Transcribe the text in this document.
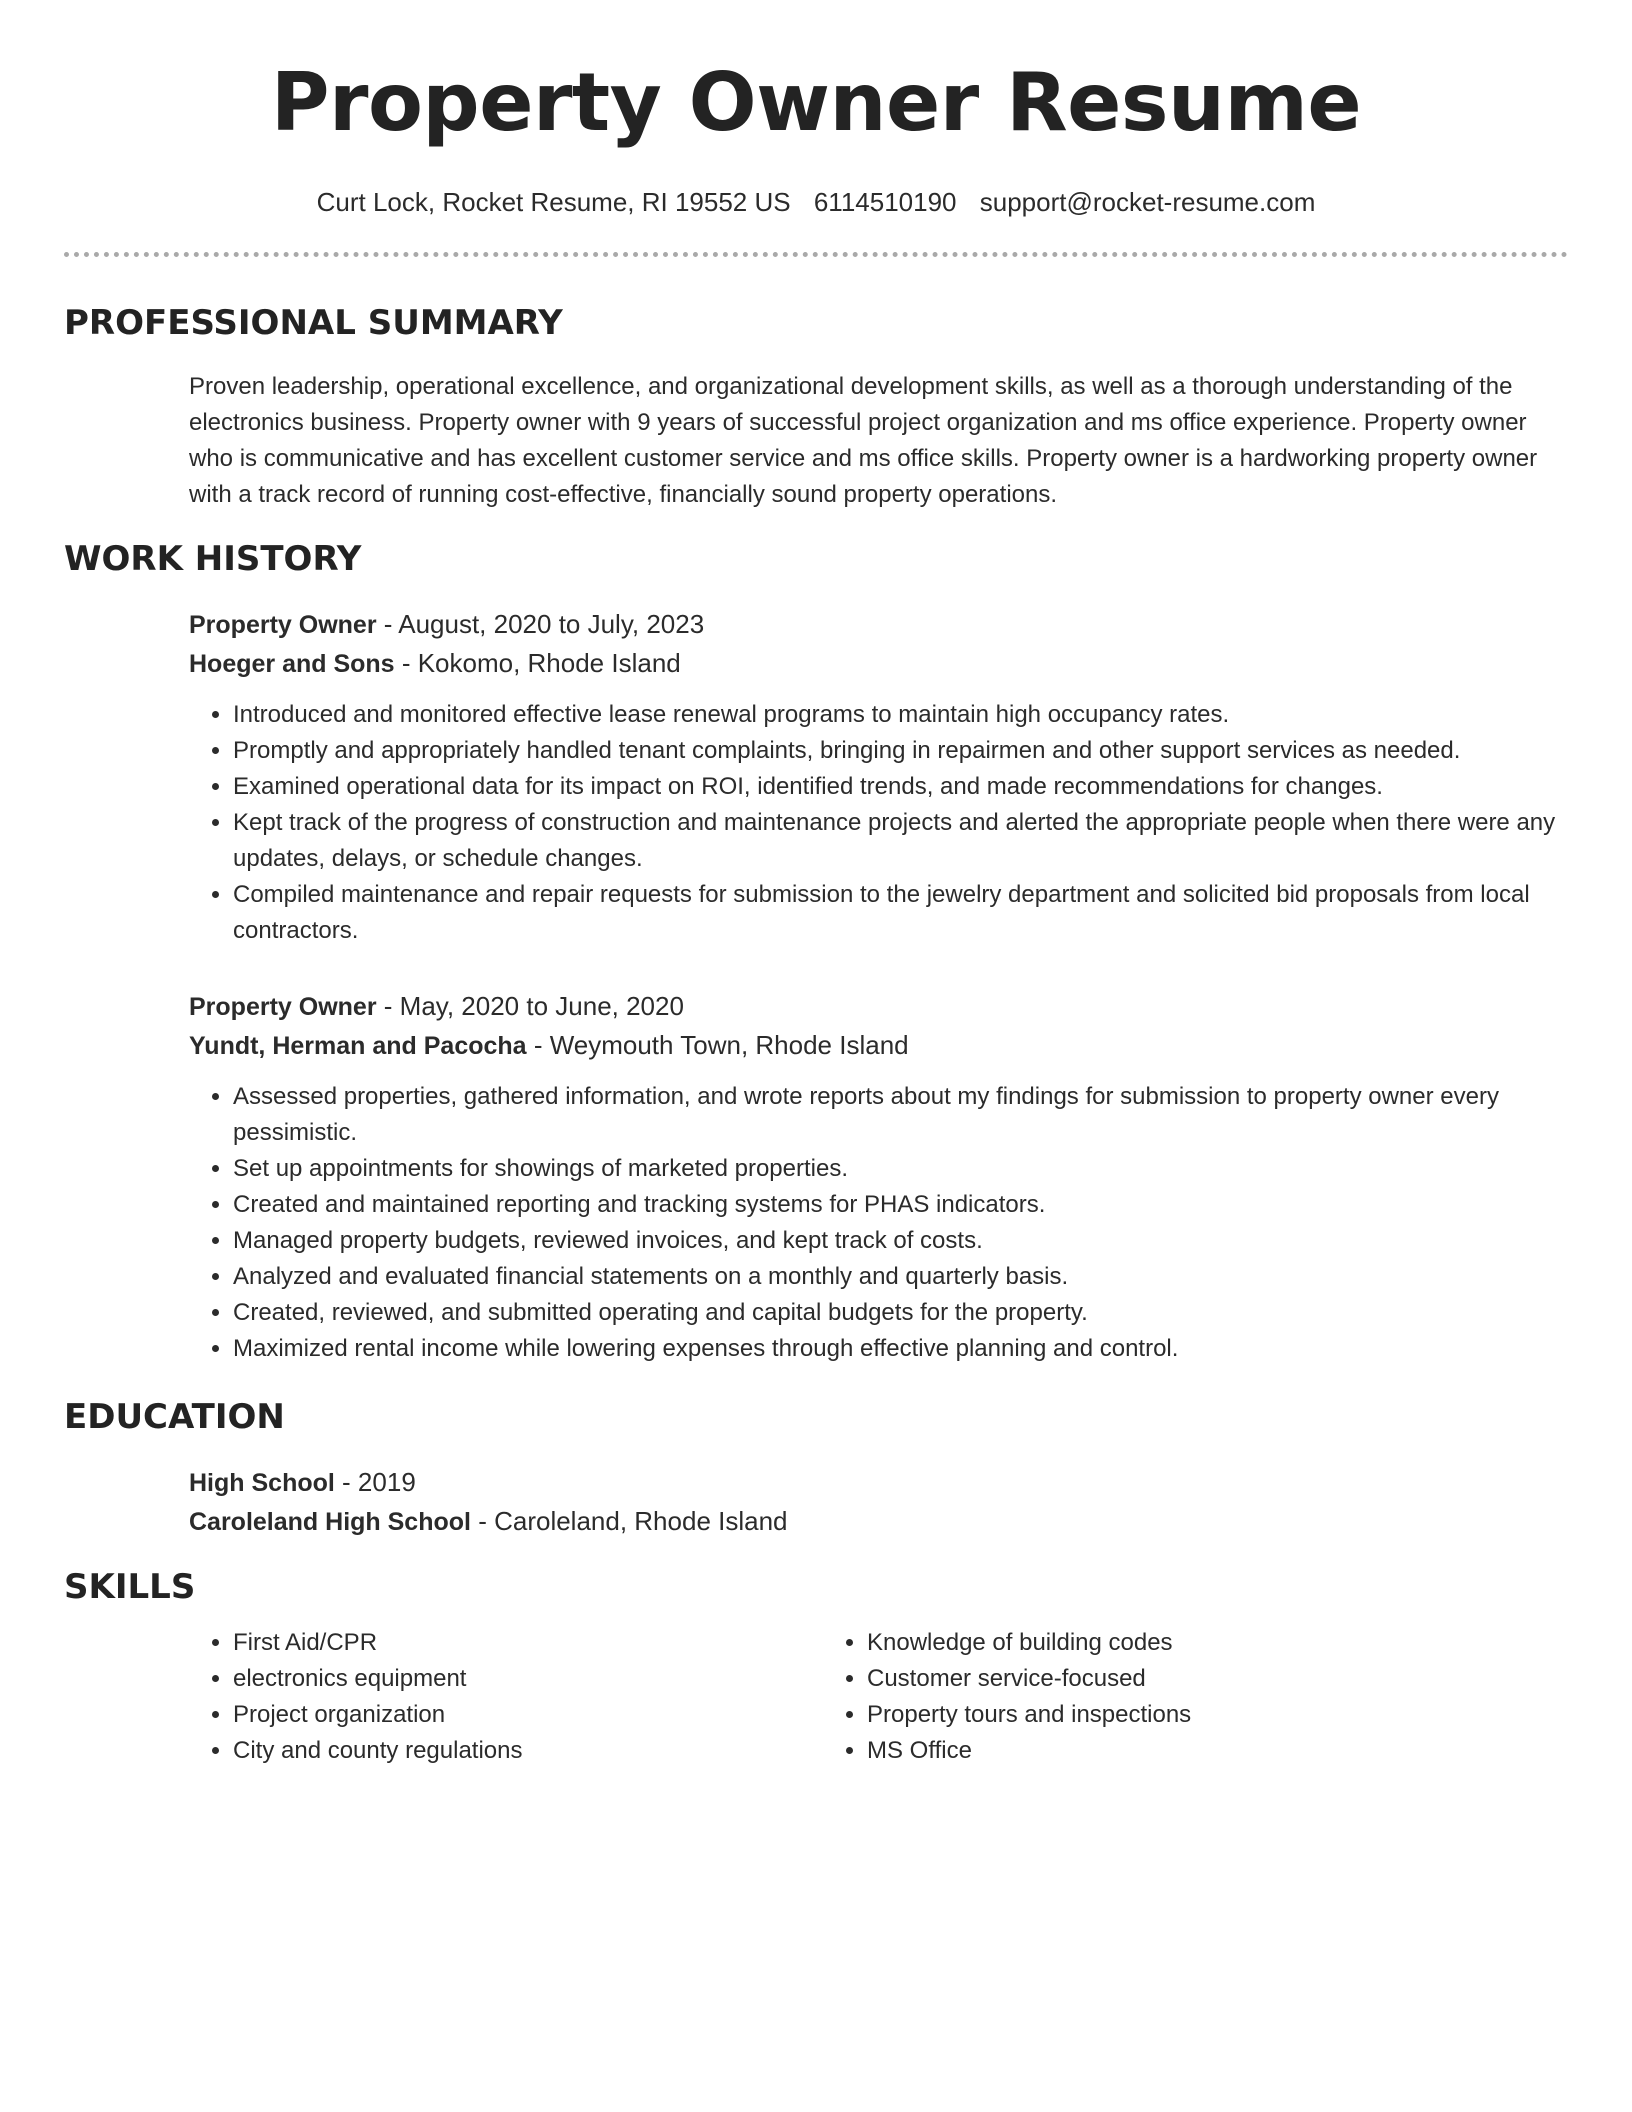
Property Owner Resume
Curt Lock, Rocket Resume, RI 19552 US 6114510190 support@rocket-resume.com
PROFESSIONAL SUMMARY

Proven leadership, operational excellence, and organizational development skills, as well as a thorough understanding of the electronics business. Property owner with 9 years of successful project organization and ms office experience. Property owner who is communicative and has excellent customer service and ms office skills. Property owner is a hardworking property owner with a track record of running cost-effective, financially sound property operations.

WORK HISTORY
Property Owner - August, 2020 to July, 2023
Hoeger and Sons - Kokomo, Rhode Island
• Introduced and monitored effective lease renewal programs to maintain high occupancy rates.
• Promptly and appropriately handled tenant complaints, bringing in repairmen and other support services as needed.
• Examined operational data for its impact on ROI, identified trends, and made recommendations for changes.
• Kept track of the progress of construction and maintenance projects and alerted the appropriate people when there were any updates, delays, or schedule changes.
• Compiled maintenance and repair requests for submission to the jewelry department and solicited bid proposals from local contractors.
Property Owner - May, 2020 to June, 2020
Yundt, Herman and Pacocha - Weymouth Town, Rhode Island
• Assessed properties, gathered information, and wrote reports about my findings for submission to property owner every pessimistic.
• Set up appointments for showings of marketed properties.
• Created and maintained reporting and tracking systems for PHAS indicators.
• Managed property budgets, reviewed invoices, and kept track of costs.
• Analyzed and evaluated financial statements on a monthly and quarterly basis.
• Created, reviewed, and submitted operating and capital budgets for the property.
• Maximized rental income while lowering expenses through effective planning and control.
EDUCATION
High School - 2019
Caroleland High School - Caroleland, Rhode Island
SKILLS
• First Aid/CPR
• electronics equipment
• Project organization
• City and county regulations
• Knowledge of building codes
• Customer service-focused
• Property tours and inspections
• MS Office
